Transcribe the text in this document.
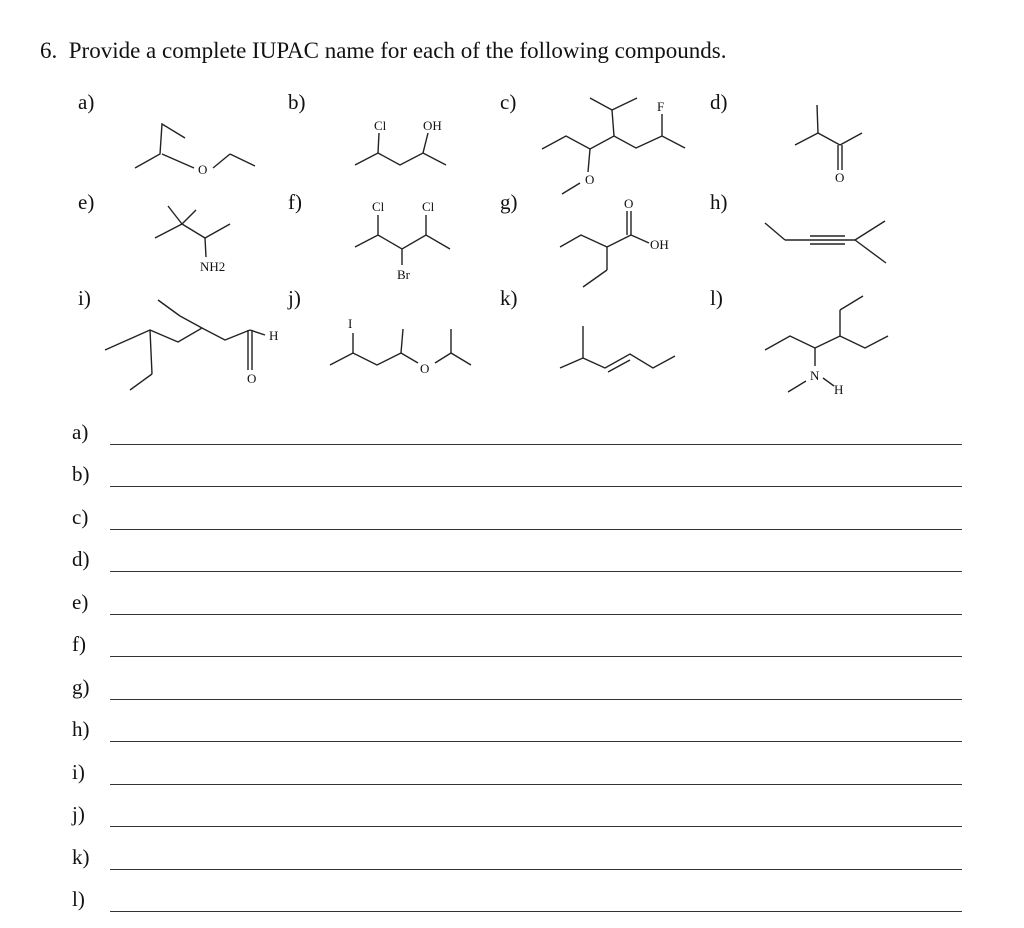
6. Provide a complete IUPAC name for each of the following compounds.
a)	b)	c)	d)
e)	f)	g)	h)
i)	j)	k)	l)
O
Cl	OH
F
O	O
NH2
Cl	Cl
Br
O
OH
H
O
I
O	N
H
a)
b)
c)
d)
e)
f)
g)
h)
i)
j)
k)
l)
